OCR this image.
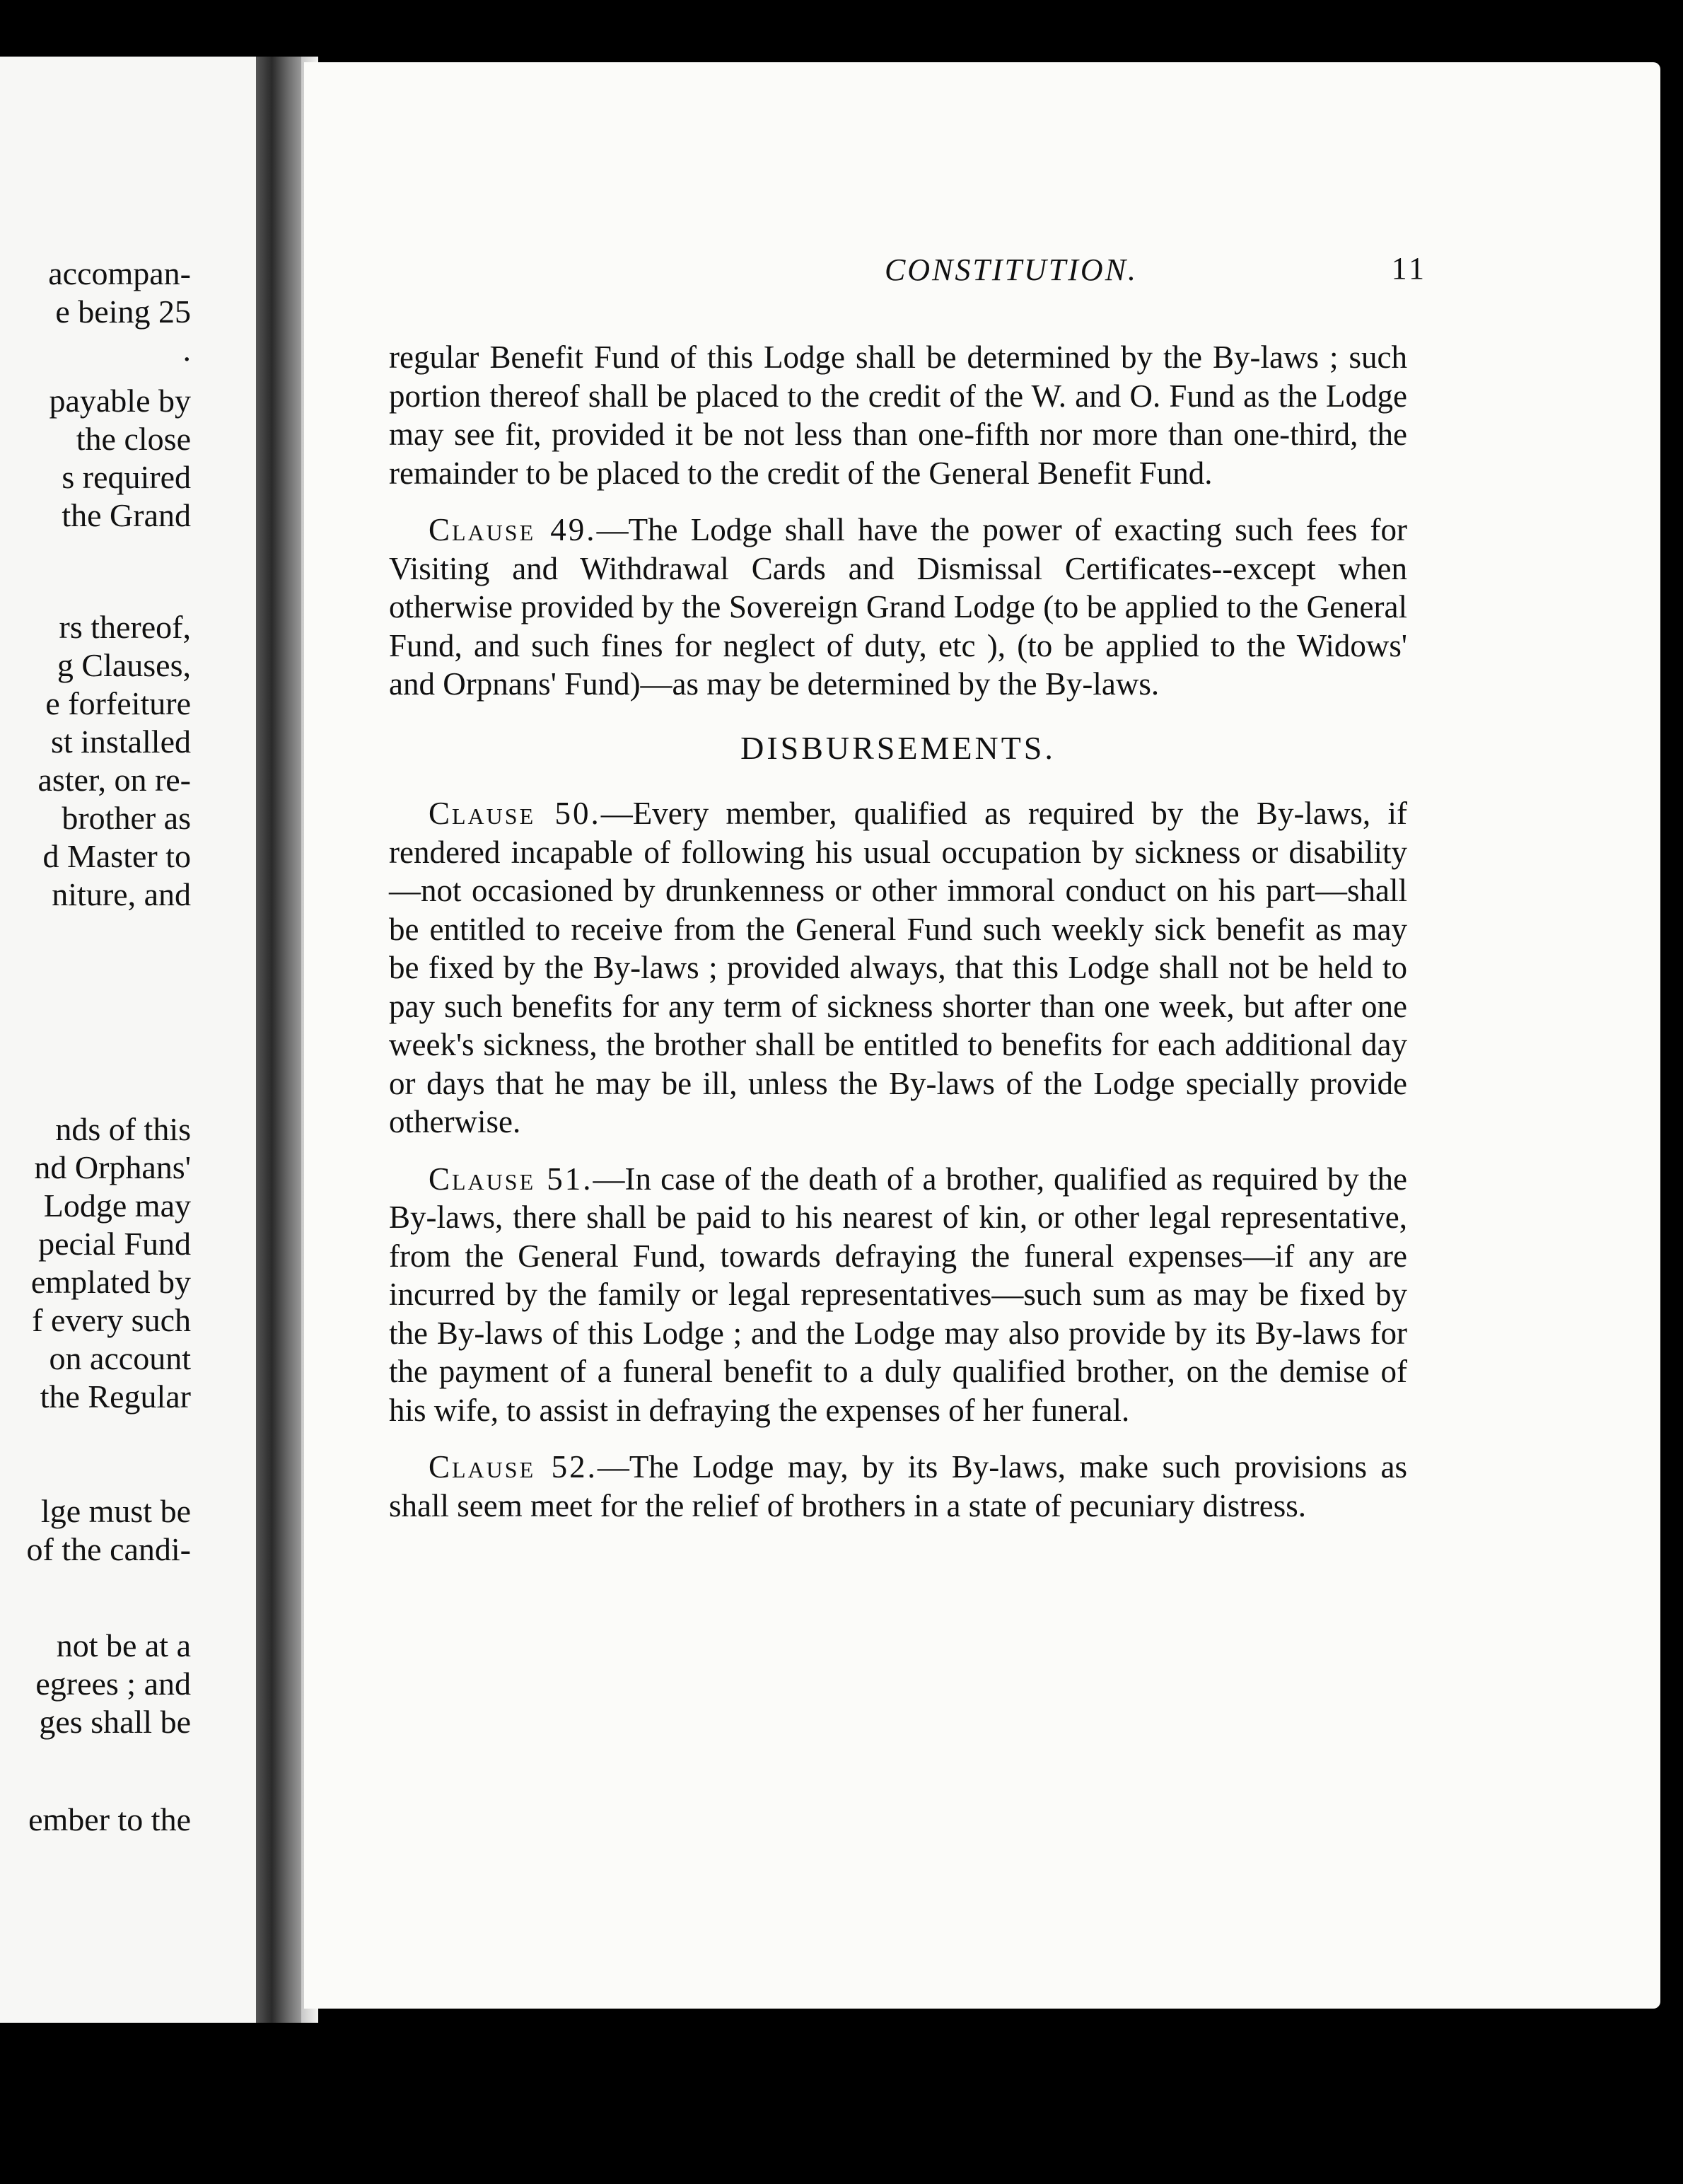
accompan-
e being 25
.
payable by
the close
s required
the Grand
rs thereof,
g Clauses,
e forfeiture
st installed
aster, on re-
brother as
d Master to
niture, and
nds of this
nd Orphans'
Lodge may
pecial Fund
emplated by
f every such
on account
the Regular
lge must be
of the candi-
not be at a
egrees ; and
ges shall be
ember to the
CONSTITUTION.	11

regular Benefit Fund of this Lodge shall be determined by the By-laws ; such portion thereof shall be placed to the credit of the W. and O. Fund as the Lodge may see fit, provided it be not less than one-fifth nor more than one-third, the remainder to be placed to the credit of the General Benefit Fund.

Clause 49.—The Lodge shall have the power of exacting such fees for Visiting and Withdrawal Cards and Dismissal Certificates--except when otherwise provided by the Sovereign Grand Lodge (to be applied to the General Fund, and such fines for neglect of duty, etc ), (to be applied to the Widows' and Orpnans' Fund)—as may be determined by the By-laws.

DISBURSEMENTS.

Clause 50.—Every member, qualified as required by the By-laws, if rendered incapable of following his usual occupation by sickness or disability—not occasioned by drunkenness or other immoral conduct on his part—shall be entitled to receive from the General Fund such weekly sick benefit as may be fixed by the By-laws ; provided always, that this Lodge shall not be held to pay such benefits for any term of sickness shorter than one week, but after one week's sickness, the brother shall be entitled to benefits for each additional day or days that he may be ill, unless the By-laws of the Lodge specially provide otherwise.

Clause 51.—In case of the death of a brother, qualified as required by the By-laws, there shall be paid to his nearest of kin, or other legal representative, from the General Fund, towards defraying the funeral expenses—if any are incurred by the family or legal representatives—such sum as may be fixed by the By-laws of this Lodge ; and the Lodge may also provide by its By-laws for the payment of a funeral benefit to a duly qualified brother, on the demise of his wife, to assist in defraying the expenses of her funeral.

Clause 52.—The Lodge may, by its By-laws, make such provisions as shall seem meet for the relief of brothers in a state of pecuniary distress.
